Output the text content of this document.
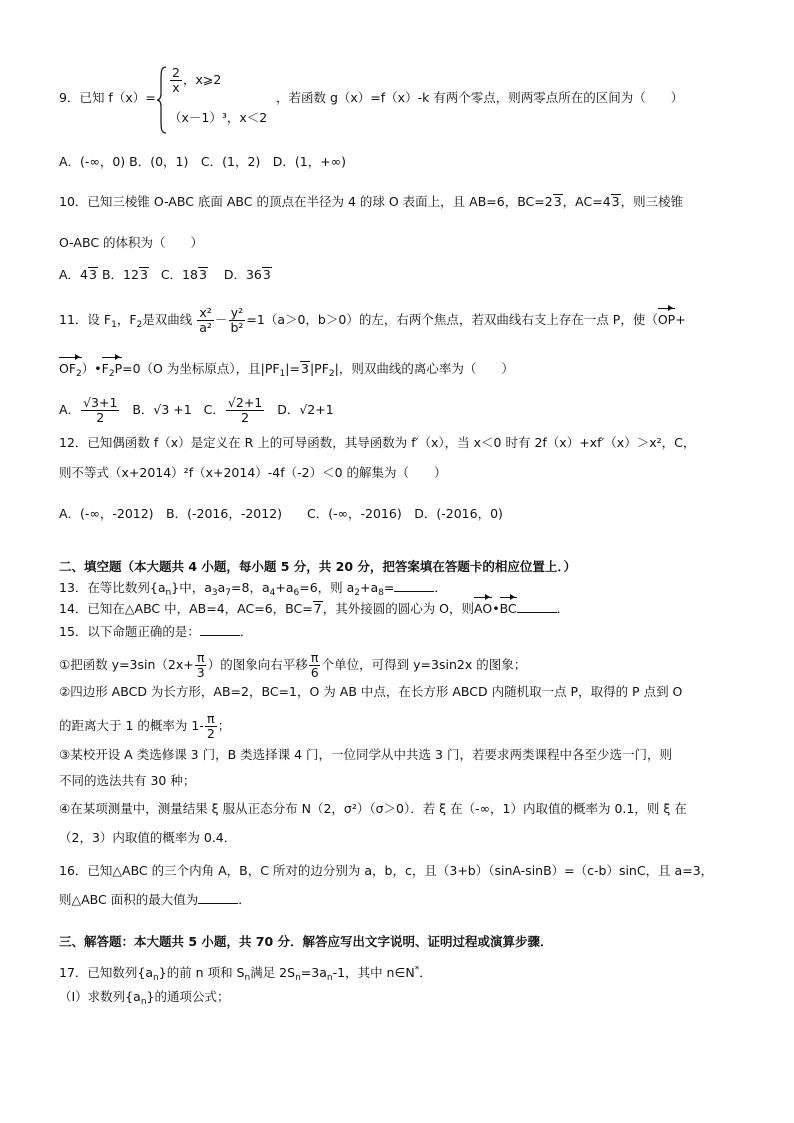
9．已知 f（x）=
$\frac{2}{x}$ ，x⩾2
（x－1）³，x＜2
，若函数 g（x）=f（x）-k 有两个零点，则两零点所在的区间为（　　）
A．(-∞，0) B．(0，1)　C．(1，2)　D．(1，+∞)
10．已知三棱锥 O-ABC 底面 ABC 的顶点在半径为 4 的球 O 表面上，且 AB=6，BC=23，AC=43，则三棱锥
O-ABC 的体积为（　　）
A．43 B．123 C．183 D．363
11．设 $F_1$，$F_2$是双曲线 $\frac{\text{x²}}{\text{a²}} - \frac{\text{y²}}{\text{b²}} =1(a>0$，b＞0）的左，右两个焦点，若双曲线右支上存在一点 P，使（OP+
$OF_2)•F_2P=0(O$ 为坐标原点），且$|PF_1|=3|PF_2|$，则双曲线的离心率为（　　）
A． $\frac{√3+1}{2}$ B．√3 +1 C． $\frac{√2+1}{2}$ D．√2+1
12．已知偶函数 f（x）是定义在 R 上的可导函数，其导函数为 f′（x），当 x＜0 时有 2f（x）+xf′（x）＞x²，C，
则不等式（x+2014）²f（x+2014）-4f（-2）＜0 的解集为（　　）
A．(-∞，-2012)　B．(-2016，-2012)　　C．(-∞，-2016)　D．(-2016，0)
二、填空题（本大题共 4 小题，每小题 5 分，共 20 分，把答案填在答题卡的相应位置上．）
13．在等比数列$\{a_n\}$中，$a_3a_7=8$，$a_4+a_6=6$，则 $a_2+a_8=$	．
14．已知在△ABC 中，AB=4，AC=6，BC=7，其外接圆的圆心为 O，则AO•BC	．
15．以下命题正确的是：	．
①把函数 $y=3\sin(2x+ \frac{\pi}{3}$ ）的图象向右平移 $\frac{\pi}{6}$ 个单位，可得到 y=3sin2x 的图象；
②四边形 ABCD 为长方形，AB=2，BC=1，O 为 AB 中点，在长方形 ABCD 内随机取一点 P，取得的 P 点到 O
的距离大于 1 的概率为 $1- \frac{\pi}{2}$ ；
③某校开设 A 类选修课 3 门，B 类选择课 4 门，一位同学从中共选 3 门，若要求两类课程中各至少选一门，则
不同的选法共有 30 种；
④在某项测量中，测量结果 ξ 服从正态分布 N（2，σ²）（σ＞0）．若 ξ 在（-∞，1）内取值的概率为 0.1，则 ξ 在
（2，3）内取值的概率为 0.4．
16．已知△ABC 的三个内角 A，B，C 所对的边分别为 a，b，c，且（3+b）（sinA-sinB）=（c-b）sinC，且 a=3，
则△ABC 面积的最大值为	．
三、解答题：本大题共 5 小题，共 70 分．解答应写出文字说明、证明过程或演算步骤．
17．已知数列$\{a_n\}$的前 n 项和 $S_n$满足 $2S_n=3a_n-1$，其中 n∈N*．
（Ⅰ）求数列$\{a_n\}$的通项公式；
